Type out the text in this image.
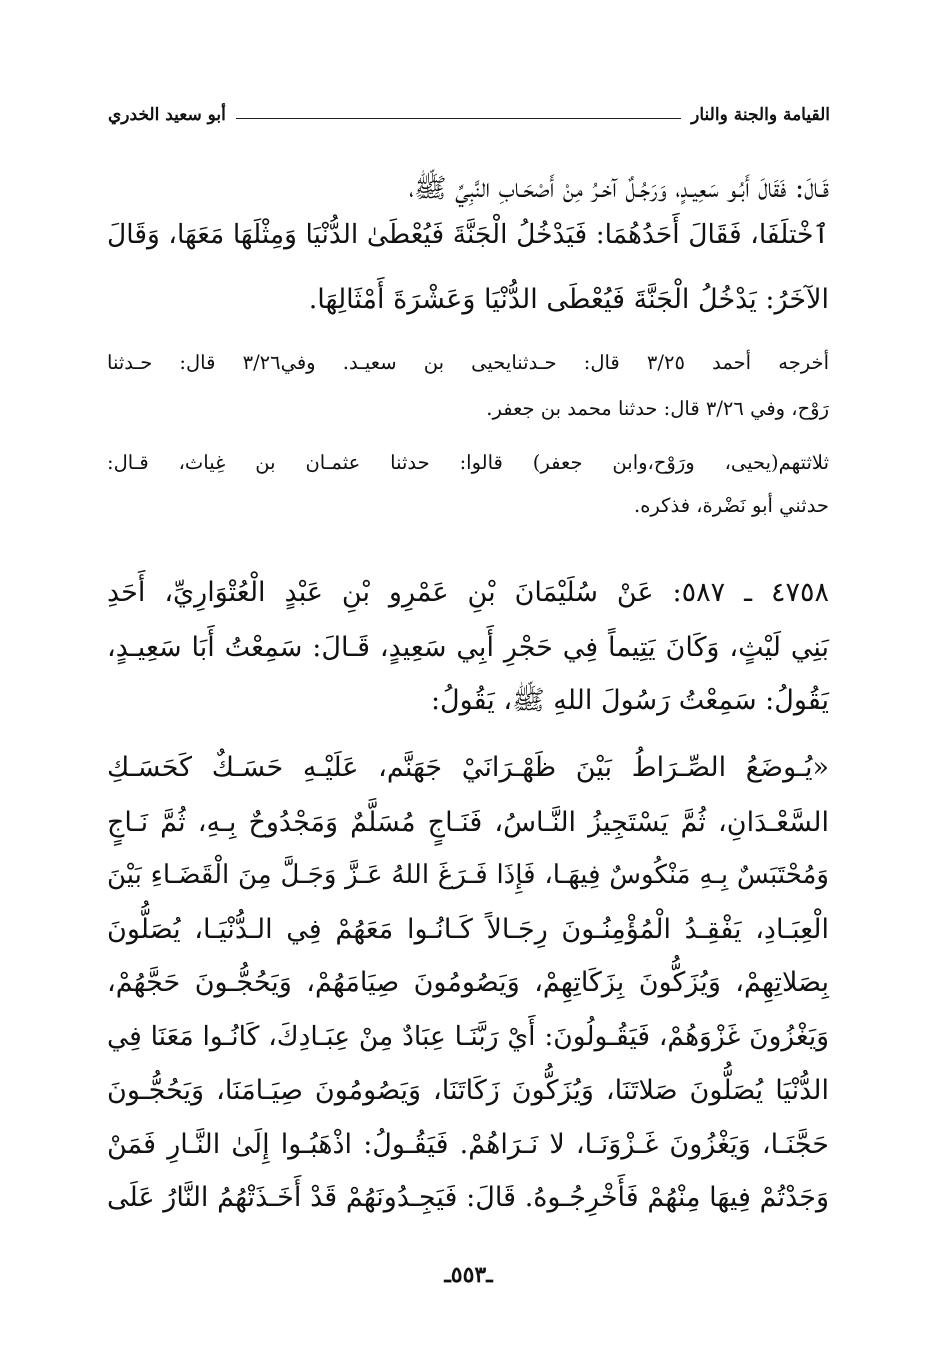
القيامة والجنة والنار
أبو سعيد الخدري
قَـالَ: فَقَالَ أَبُـو سَعِيـدٍ، وَرَجُـلٌ آخـرُ مِنْ أَصْحَـابِ النَّبِيِّ ﷺ،
ٱخْتلَفَا، فَقَالَ أَحَدُهُمَا: فَيَدْخُلُ الْجَنَّةَ فَيُعْطَىٰ الدُّنْيَا وَمِثْلَهَا مَعَهَا، وَقَالَ
الآخَرُ: يَدْخُلُ الْجَنَّةَ فَيُعْطَى الدُّنْيَا وَعَشْرَةَ أَمْثَالِهَا.
أخرجه أحمد ٣/٢٥ قال: حـدثنايحيى بن سعيـد. وفي٣/٢٦ قال: حـدثنا
رَوْح، وفي ٣/٢٦ قال: حدثنا محمد بن جعفر.
ثلاثتهم(يحيى، ورَوْح،وابن جعفر) قالوا: حدثنا عثمـان بن غِياث، قـال:
حدثني أبو نَضْرة، فذكره.
٤٧٥٨ ـ ٥٨٧: عَنْ سُلَيْمَانَ بْنِ عَمْرِو بْنِ عَبْدٍ الْعُتْوَارِيِّ، أَحَدِ
بَنِي لَيْثٍ، وَكَانَ يَتِيماً فِي حَجْرِ أَبِي سَعِيدٍ، قَـالَ: سَمِعْتُ أَبَا سَعِيـدٍ،
يَقُولُ: سَمِعْتُ رَسُولَ اللهِ ﷺ، يَقُولُ:
«يُـوضَعُ الصِّـرَاطُ بَيْنَ ظَهْـرَانَيْ جَهَنَّم، عَلَيْـهِ حَسَـكٌ كَحَسَـكِ
السَّعْـدَانِ، ثُمَّ يَسْتَجِيزُ النَّـاسُ، فَنَـاجٍ مُسَلَّمٌ وَمَجْدُوحٌ بِـهِ، ثُمَّ نَـاجٍ
وَمُحْتَبَسٌ بِـهِ مَنْكُوسٌ فِيهَـا، فَإِذَا فَـرَغَ اللهُ عَـزَّ وَجَـلَّ مِنَ الْقَضَـاءِ بَيْنَ
الْعِبَـادِ، يَفْقِـدُ الْمُؤْمِنُـونَ رِجَـالاً كَـانُـوا مَعَهُمْ فِي الـدُّنْيَـا، يُصَلُّونَ
بِصَلاتِهِمْ، وَيُزَكُّونَ بِزَكَاتِهِمْ، وَيَصُومُونَ صِيَامَهُمْ، وَيَحُجُّـونَ حَجَّهُمْ،
وَيَغْزُونَ غَزْوَهُمْ، فَيَقُـولُونَ: أَيْ رَبَّنَـا عِبَادٌ مِنْ عِبَـادِكَ، كَانُـوا مَعَنَا فِي
الدُّنْيَا يُصَلُّونَ صَلاتَنَا، وَيُزَكُّونَ زَكَاتَنَا، وَيَصُومُونَ صِيَـامَنَا، وَيَحُجُّـونَ
حَجَّنَـا، وَيَغْزُونَ غَـزْوَنَـا، لا نَـرَاهُمْ. فَيَقُـولُ: اذْهَبُـوا إِلَىٰ النَّـارِ فَمَنْ
وَجَدْتُمْ فِيهَا مِنْهُمْ فَأَخْرِجُـوهُ. قَالَ: فَيَجِـدُونَهُمْ قَدْ أَخَـذَتْهُمُ النَّارُ عَلَى
ـ٥٥٣ـ
